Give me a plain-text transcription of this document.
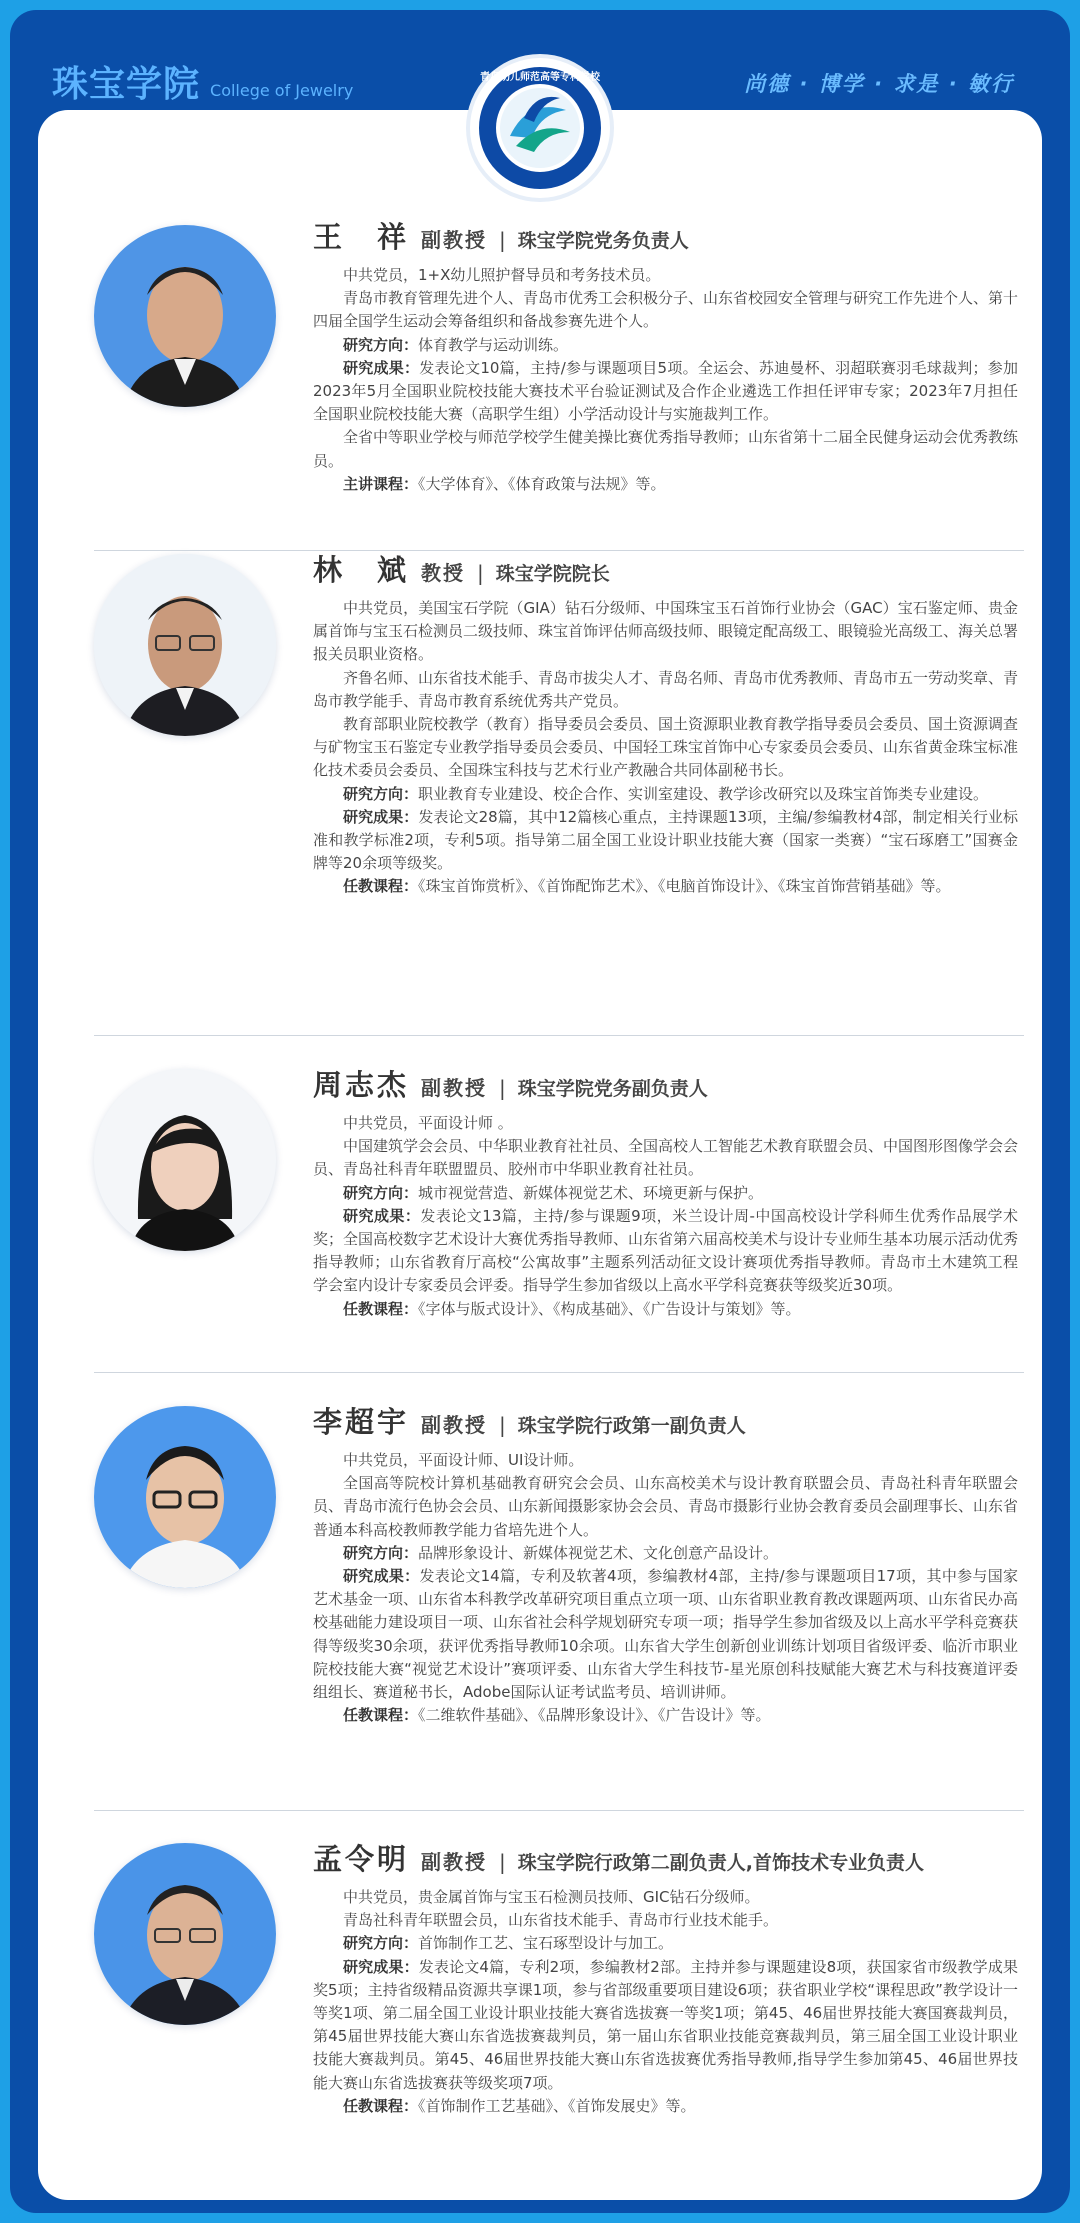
珠宝学院 College of Jewelry	尚德 · 博学 · 求是 · 敏行
王　祥 副教授 | 珠宝学院党务负责人

中共党员，1+X幼儿照护督导员和考务技术员。

青岛市教育管理先进个人、青岛市优秀工会积极分子、山东省校园安全管理与研究工作先进个人、第十四届全国学生运动会筹备组织和备战参赛先进个人。

研究方向：体育教学与运动训练。

研究成果：发表论文10篇，主持/参与课题项目5项。全运会、苏迪曼杯、羽超联赛羽毛球裁判；参加2023年5月全国职业院校技能大赛技术平台验证测试及合作企业遴选工作担任评审专家；2023年7月担任全国职业院校技能大赛（高职学生组）小学活动设计与实施裁判工作。

全省中等职业学校与师范学校学生健美操比赛优秀指导教师；山东省第十二届全民健身运动会优秀教练员。

主讲课程：《大学体育》、《体育政策与法规》等。

林　斌 教授 | 珠宝学院院长

中共党员，美国宝石学院（GIA）钻石分级师、中国珠宝玉石首饰行业协会（GAC）宝石鉴定师、贵金属首饰与宝玉石检测员二级技师、珠宝首饰评估师高级技师、眼镜定配高级工、眼镜验光高级工、海关总署报关员职业资格。

齐鲁名师、山东省技术能手、青岛市拔尖人才、青岛名师、青岛市优秀教师、青岛市五一劳动奖章、青岛市教学能手、青岛市教育系统优秀共产党员。

教育部职业院校教学（教育）指导委员会委员、国土资源职业教育教学指导委员会委员、国土资源调查与矿物宝玉石鉴定专业教学指导委员会委员、中国轻工珠宝首饰中心专家委员会委员、山东省黄金珠宝标准化技术委员会委员、全国珠宝科技与艺术行业产教融合共同体副秘书长。

研究方向：职业教育专业建设、校企合作、实训室建设、教学诊改研究以及珠宝首饰类专业建设。

研究成果：发表论文28篇，其中12篇核心重点，主持课题13项，主编/参编教材4部，制定相关行业标准和教学标准2项，专利5项。指导第二届全国工业设计职业技能大赛（国家一类赛）“宝石琢磨工”国赛金牌等20余项等级奖。

任教课程：《珠宝首饰赏析》、《首饰配饰艺术》、《电脑首饰设计》、《珠宝首饰营销基础》等。

周志杰 副教授 | 珠宝学院党务副负责人

中共党员，平面设计师 。

中国建筑学会会员、中华职业教育社社员、全国高校人工智能艺术教育联盟会员、中国图形图像学会会员、青岛社科青年联盟盟员、胶州市中华职业教育社社员。

研究方向：城市视觉营造、新媒体视觉艺术、环境更新与保护。

研究成果：发表论文13篇，主持/参与课题9项，米兰设计周-中国高校设计学科师生优秀作品展学术奖；全国高校数字艺术设计大赛优秀指导教师、山东省第六届高校美术与设计专业师生基本功展示活动优秀指导教师；山东省教育厅高校“公寓故事”主题系列活动征文设计赛项优秀指导教师。青岛市土木建筑工程学会室内设计专家委员会评委。指导学生参加省级以上高水平学科竞赛获等级奖近30项。

任教课程：《字体与版式设计》、《构成基础》、《广告设计与策划》等。

李超宇 副教授 | 珠宝学院行政第一副负责人

中共党员，平面设计师、UI设计师。

全国高等院校计算机基础教育研究会会员、山东高校美术与设计教育联盟会员、青岛社科青年联盟会员、青岛市流行色协会会员、山东新闻摄影家协会会员、青岛市摄影行业协会教育委员会副理事长、山东省普通本科高校教师教学能力省培先进个人。

研究方向：品牌形象设计、新媒体视觉艺术、文化创意产品设计。

研究成果：发表论文14篇，专利及软著4项，参编教材4部，主持/参与课题项目17项，其中参与国家艺术基金一项、山东省本科教学改革研究项目重点立项一项、山东省职业教育教改课题两项、山东省民办高校基础能力建设项目一项、山东省社会科学规划研究专项一项；指导学生参加省级及以上高水平学科竞赛获得等级奖30余项，获评优秀指导教师10余项。山东省大学生创新创业训练计划项目省级评委、临沂市职业院校技能大赛“视觉艺术设计”赛项评委、山东省大学生科技节-星光原创科技赋能大赛艺术与科技赛道评委组组长、赛道秘书长，Adobe国际认证考试监考员、培训讲师。

任教课程：《二维软件基础》、《品牌形象设计》、《广告设计》等。

孟令明 副教授 | 珠宝学院行政第二副负责人,首饰技术专业负责人

中共党员，贵金属首饰与宝玉石检测员技师、GIC钻石分级师。

青岛社科青年联盟会员，山东省技术能手、青岛市行业技术能手。

研究方向：首饰制作工艺、宝石琢型设计与加工。

研究成果：发表论文4篇，专利2项，参编教材2部。主持并参与课题建设8项，获国家省市级教学成果奖5项；主持省级精品资源共享课1项，参与省部级重要项目建设6项；获省职业学校“课程思政”教学设计一等奖1项、第二届全国工业设计职业技能大赛省选拔赛一等奖1项；第45、46届世界技能大赛国赛裁判员，第45届世界技能大赛山东省选拔赛裁判员，第一届山东省职业技能竞赛裁判员，第三届全国工业设计职业技能大赛裁判员。第45、46届世界技能大赛山东省选拔赛优秀指导教师,指导学生参加第45、46届世界技能大赛山东省选拔赛获等级奖项7项。

任教课程：《首饰制作工艺基础》、《首饰发展史》等。

青岛幼儿师范高等专科学校
